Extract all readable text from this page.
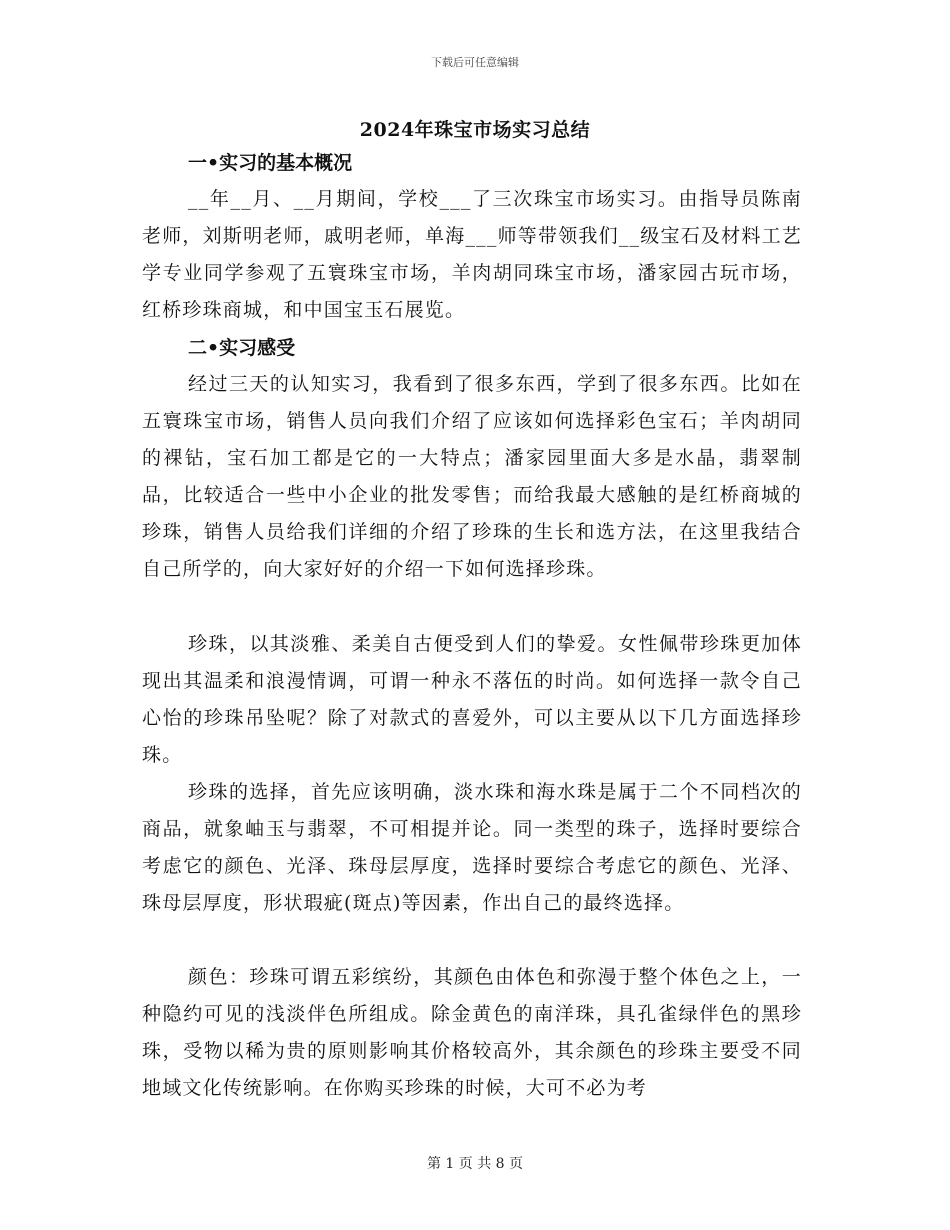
下载后可任意编辑
2024年珠宝市场实习总结
一•实习的基本概况

__年__月、__月期间，学校___了三次珠宝市场实习。由指导员陈南老师，刘斯明老师，戚明老师，单海___师等带领我们__级宝石及材料工艺学专业同学参观了五寰珠宝市场，羊肉胡同珠宝市场，潘家园古玩市场，红桥珍珠商城，和中国宝玉石展览。

二•实习感受

经过三天的认知实习，我看到了很多东西，学到了很多东西。比如在五寰珠宝市场，销售人员向我们介绍了应该如何选择彩色宝石；羊肉胡同的裸钻，宝石加工都是它的一大特点；潘家园里面大多是水晶，翡翠制品，比较适合一些中小企业的批发零售；而给我最大感触的是红桥商城的珍珠，销售人员给我们详细的介绍了珍珠的生长和选方法，在这里我结合自己所学的，向大家好好的介绍一下如何选择珍珠。

珍珠，以其淡雅、柔美自古便受到人们的挚爱。女性佩带珍珠更加体现出其温柔和浪漫情调，可谓一种永不落伍的时尚。如何选择一款令自己心怡的珍珠吊坠呢？除了对款式的喜爱外，可以主要从以下几方面选择珍珠。

珍珠的选择，首先应该明确，淡水珠和海水珠是属于二个不同档次的商品，就象岫玉与翡翠，不可相提并论。同一类型的珠子，选择时要综合考虑它的颜色、光泽、珠母层厚度，选择时要综合考虑它的颜色、光泽、珠母层厚度，形状瑕疵(斑点)等因素，作出自己的最终选择。

颜色：珍珠可谓五彩缤纷，其颜色由体色和弥漫于整个体色之上，一种隐约可见的浅淡伴色所组成。除金黄色的南洋珠，具孔雀绿伴色的黑珍珠，受物以稀为贵的原则影响其价格较高外，其余颜色的珍珠主要受不同地域文化传统影响。在你购买珍珠的时候，大可不必为考

第 1 页 共 8 页
